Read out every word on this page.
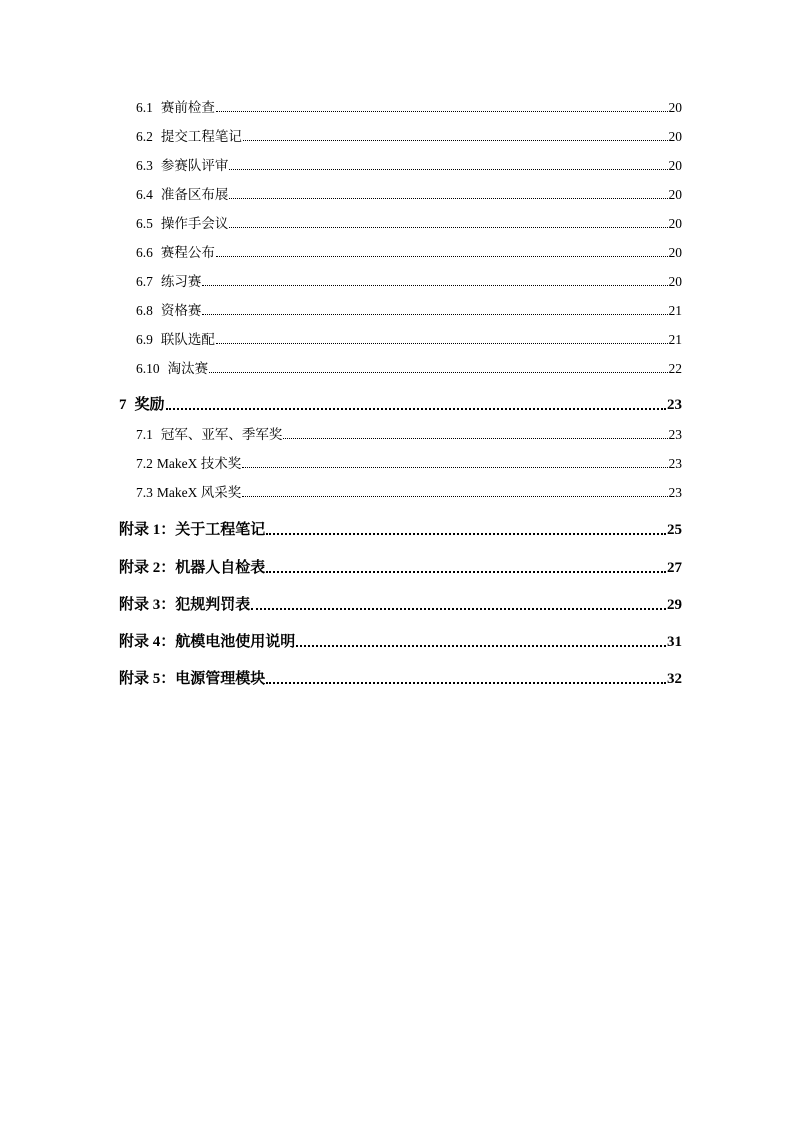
6.1 赛前检查	20
6.2 提交工程笔记	20
6.3 参赛队评审	20
6.4 准备区布展	20
6.5 操作手会议	20
6.6 赛程公布	20
6.7 练习赛	20
6.8 资格赛	21
6.9 联队选配	21
6.10 淘汰赛	22
7 奖励	23
7.1 冠军、亚军、季军奖	23
7.2 MakeX 技术奖	23
7.3 MakeX 风采奖	23
附录 1： 关于工程笔记	25
附录 2： 机器人自检表	27
附录 3： 犯规判罚表	29
附录 4： 航模电池使用说明	31
附录 5： 电源管理模块	32
